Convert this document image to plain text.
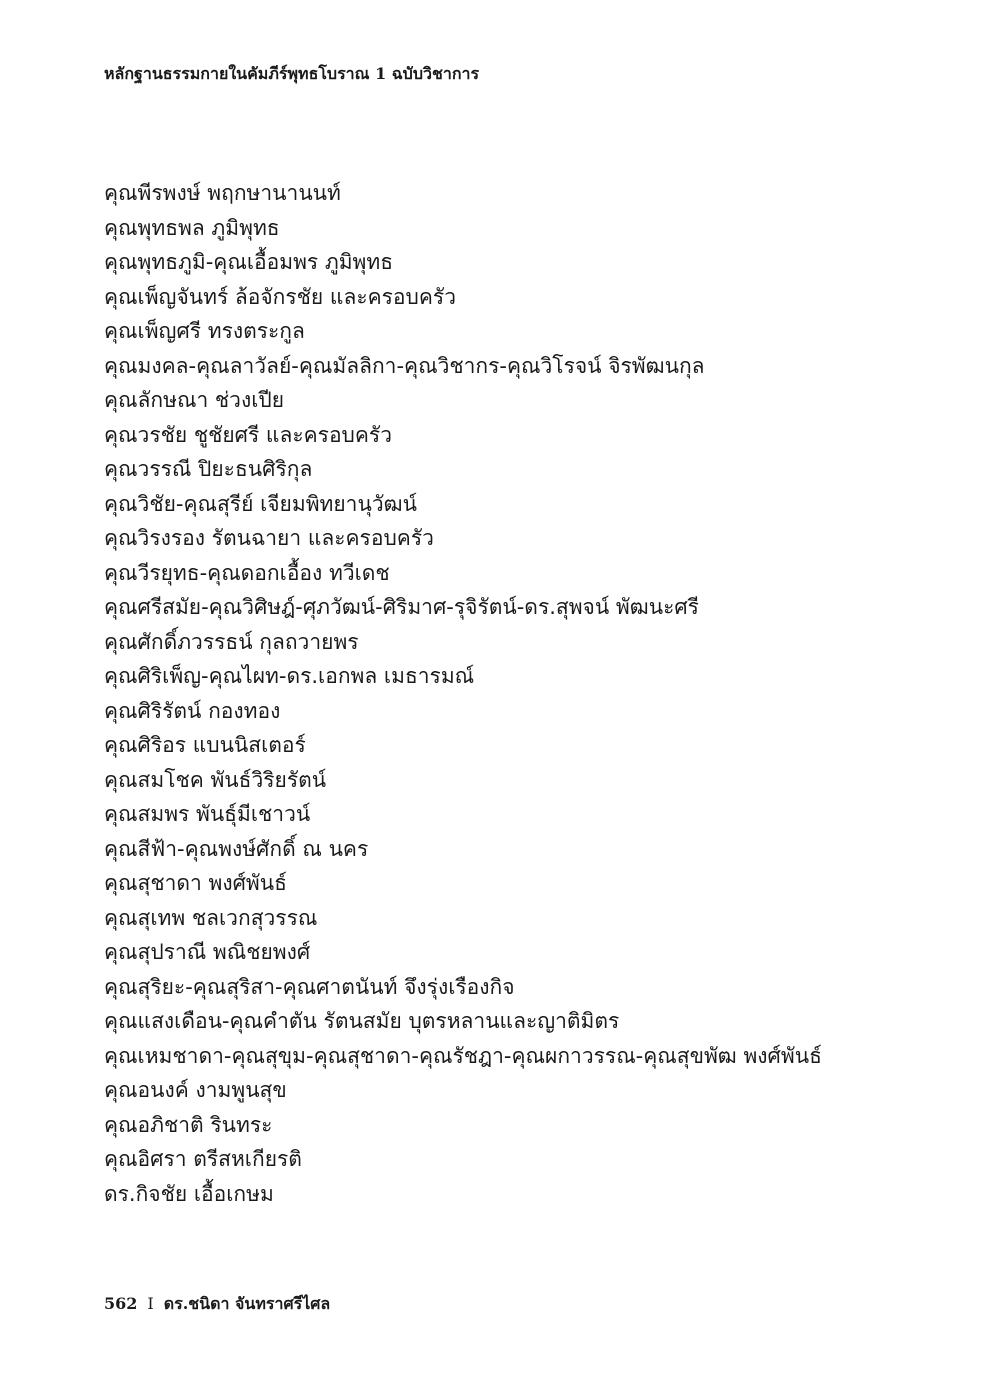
หลักฐานธรรมกายในคัมภีร์พุทธโบราณ 1 ฉบับวิชาการ
คุณพีรพงษ์ พฤกษานานนท์
คุณพุทธพล ภูมิพุทธ
คุณพุทธภูมิ-คุณเอื้อมพร ภูมิพุทธ
คุณเพ็ญจันทร์ ล้อจักรชัย และครอบครัว
คุณเพ็ญศรี ทรงตระกูล
คุณมงคล-คุณลาวัลย์-คุณมัลลิกา-คุณวิชากร-คุณวิโรจน์ จิรพัฒนกุล
คุณลักษณา ช่วงเปีย
คุณวรชัย ชูชัยศรี และครอบครัว
คุณวรรณี ปิยะธนศิริกุล
คุณวิชัย-คุณสุรีย์ เจียมพิทยานุวัฒน์
คุณวิรงรอง รัตนฉายา และครอบครัว
คุณวีรยุทธ-คุณดอกเอื้อง ทวีเดช
คุณศรีสมัย-คุณวิศิษฎ์-ศุภวัฒน์-ศิริมาศ-รุจิรัตน์-ดร.สุพจน์ พัฒนะศรี
คุณศักดิ์ภวรรธน์ กุลถวายพร
คุณศิริเพ็ญ-คุณไผท-ดร.เอกพล เมธารมณ์
คุณศิริรัตน์ กองทอง
คุณศิริอร แบนนิสเตอร์
คุณสมโชค พันธ์วิริยรัตน์
คุณสมพร พันธุ์มีเชาวน์
คุณสีฟ้า-คุณพงษ์ศักดิ์ ณ นคร
คุณสุชาดา พงศ์พันธ์
คุณสุเทพ ชลเวกสุวรรณ
คุณสุปราณี พณิชยพงศ์
คุณสุริยะ-คุณสุริสา-คุณศาตนันท์ จึงรุ่งเรืองกิจ
คุณแสงเดือน-คุณคำตัน รัตนสมัย บุตรหลานและญาติมิตร
คุณเหมชาดา-คุณสุขุม-คุณสุชาดา-คุณรัชฎา-คุณผกาวรรณ-คุณสุขพัฒ พงศ์พันธ์
คุณอนงค์ งามพูนสุข
คุณอภิชาติ รินทระ
คุณอิศรา ตรีสหเกียรติ
ดร.กิจชัย เอื้อเกษม
562 I ดร.ชนิดา จันทราศรีไศล
